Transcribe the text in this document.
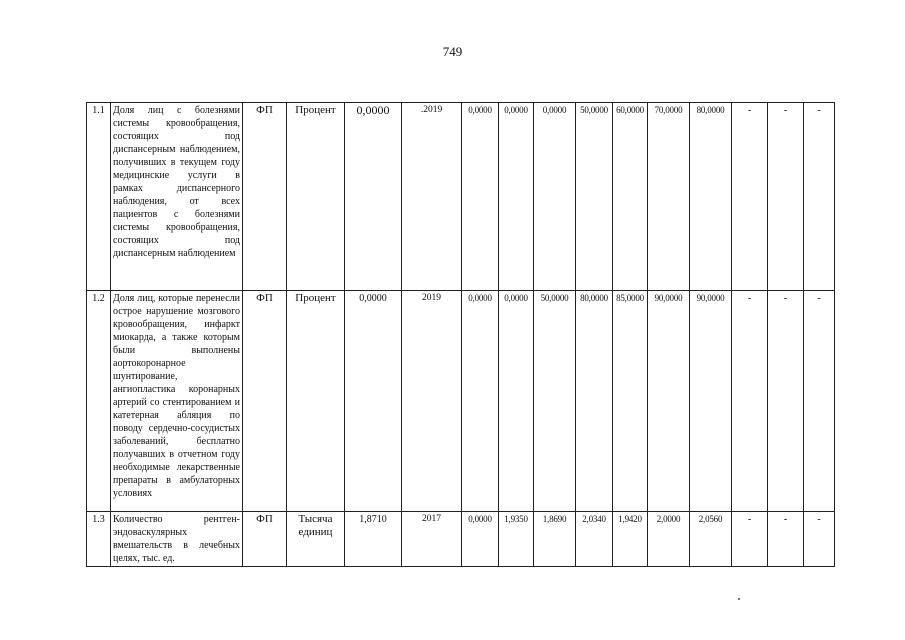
749
1.1	Доля лиц с болезнями системы кровообращения, состоящих под диспансерным наблюдением, получивших в текущем году медицинские услуги в рамках диспансерного наблюдения, от всех пациентов с болезнями системы кровообращения, состоящих под диспансерным наблюдением	ФП	Процент	0,0000	.2019	0,0000	0,0000	0,0000	50,0000	60,0000	70,0000	80,0000	-	-	-
1.2	Доля лиц, которые перенесли острое нарушение мозгового кровообращения, инфаркт миокарда, а также которым были выполнены аортокоронарное шунтирование, ангиопластика коронарных артерий со стентированием и катетерная абляция по поводу сердечно-сосудистых заболеваний, бесплатно получавших в отчетном году необходимые лекарственные препараты в амбулаторных условиях	ФП	Процент	0,0000	2019	0,0000	0,0000	50,0000	80,0000	85,0000	90,0000	90,0000	-	-	-
1.3	Количество рентген-эндоваскулярных вмешательств в лечебных целях, тыс. ед.	ФП	Тысяча единиц	1,8710	2017	0,0000	1,9350	1,8690	2,0340	1,9420	2,0000	2,0560	-	-	-
